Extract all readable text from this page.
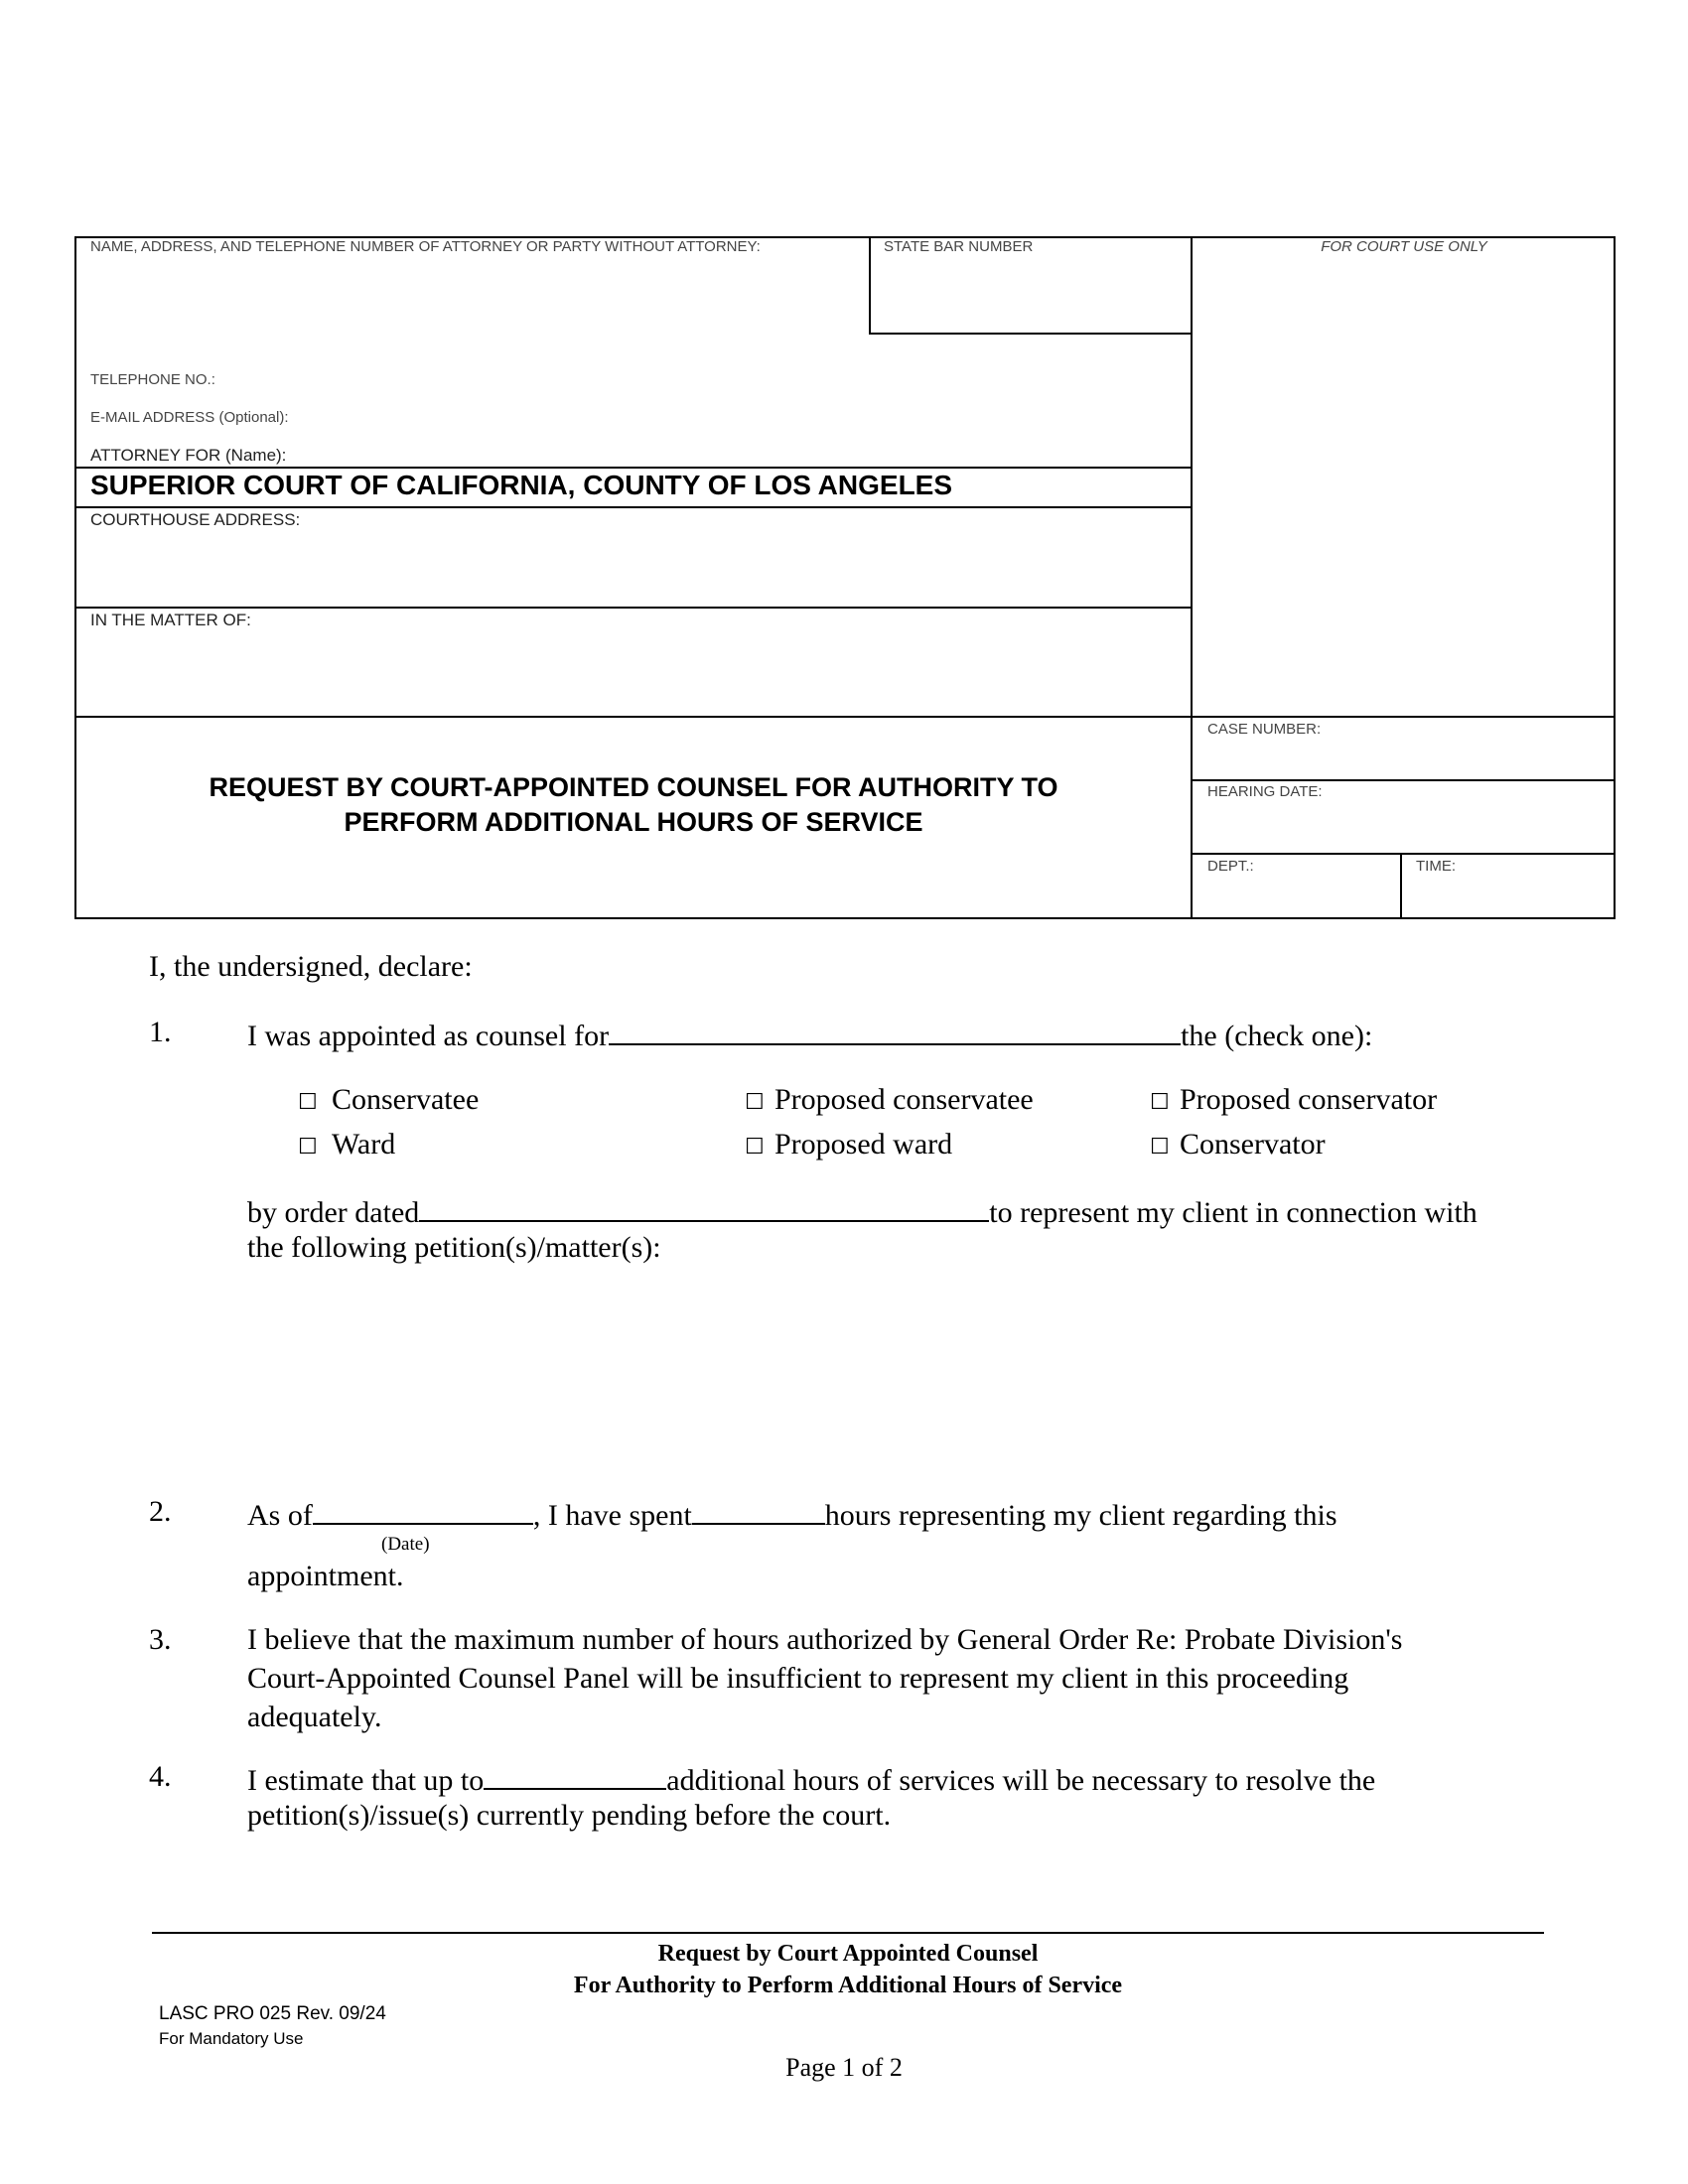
NAME, ADDRESS, AND TELEPHONE NUMBER OF ATTORNEY OR PARTY WITHOUT ATTORNEY:	STATE BAR NUMBER	FOR COURT USE ONLY
TELEPHONE NO.:
E-MAIL ADDRESS (Optional):
ATTORNEY FOR (Name):
SUPERIOR COURT OF CALIFORNIA, COUNTY OF LOS ANGELES
COURTHOUSE ADDRESS:
IN THE MATTER OF:
REQUEST BY COURT-APPOINTED COUNSEL FOR AUTHORITY TO
PERFORM ADDITIONAL HOURS OF SERVICE
CASE NUMBER:
HEARING DATE:
DEPT.:	TIME:
I, the undersigned, declare:
1.	I was appointed as counsel for	the (check one):
☐ Conservatee	☐ Proposed conservatee	☐ Proposed conservator
☐ Ward	☐ Proposed ward	☐ Conservator
by order dated	to represent my client in connection with
the following petition(s)/matter(s):
2.	As of	, I have spent	hours representing my client regarding this
(Date)
appointment.
3.	I believe that the maximum number of hours authorized by General Order Re: Probate Division's
Court-Appointed Counsel Panel will be insufficient to represent my client in this proceeding
adequately.
4.	I estimate that up to	additional hours of services will be necessary to resolve the
petition(s)/issue(s) currently pending before the court.
Request by Court Appointed Counsel
For Authority to Perform Additional Hours of Service
LASC PRO 025 Rev. 09/24
For Mandatory Use
Page 1 of 2
